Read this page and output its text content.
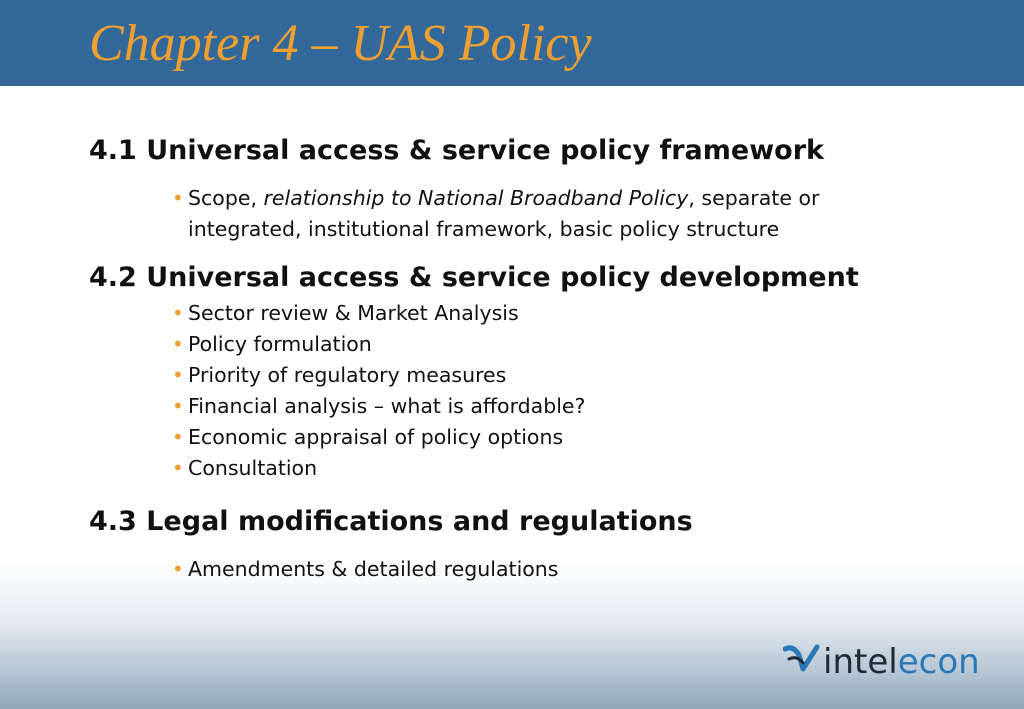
Chapter 4 – UAS Policy
4.1 Universal access & service policy framework
• Scope, relationship to National Broadband Policy, separate or
integrated, institutional framework, basic policy structure
4.2 Universal access & service policy development
• Sector review & Market Analysis
• Policy formulation
• Priority of regulatory measures
• Financial analysis – what is affordable?
• Economic appraisal of policy options
• Consultation
4.3 Legal modifications and regulations
• Amendments & detailed regulations
intelecon
